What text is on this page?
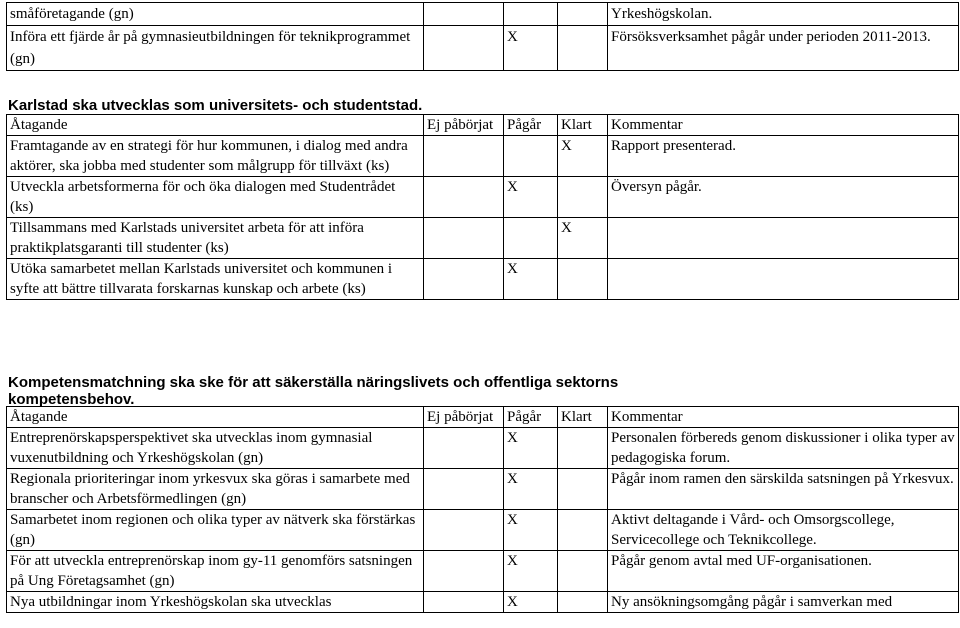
småföretagande (gn)				Yrkeshögskolan.
Införa ett fjärde år på gymnasieutbildningen för teknikprogrammet (gn)		X		Försöksverksamhet pågår under perioden 2011-2013.
Karlstad ska utvecklas som universitets- och studentstad.
Åtagande	Ej påbörjat	Pågår	Klart	Kommentar
Framtagande av en strategi för hur kommunen, i dialog med andra aktörer, ska jobba med studenter som målgrupp för tillväxt (ks)			X	Rapport presenterad.
Utveckla arbetsformerna för och öka dialogen med Studentrådet (ks)		X		Översyn pågår.
Tillsammans med Karlstads universitet arbeta för att införa praktikplatsgaranti till studenter (ks)			X	
Utöka samarbetet mellan Karlstads universitet och kommunen i syfte att bättre tillvarata forskarnas kunskap och arbete (ks)		X		
Kompetensmatchning ska ske för att säkerställa näringslivets och offentliga sektorns kompetensbehov.
Åtagande	Ej påbörjat	Pågår	Klart	Kommentar
Entreprenörskapsperspektivet ska utvecklas inom gymnasial vuxenutbildning och Yrkeshögskolan (gn)		X		Personalen förbereds genom diskussioner i olika typer av pedagogiska forum.
Regionala prioriteringar inom yrkesvux ska göras i samarbete med branscher och Arbetsförmedlingen (gn)		X		Pågår inom ramen den särskilda satsningen på Yrkesvux.
Samarbetet inom regionen och olika typer av nätverk ska förstärkas (gn)		X		Aktivt deltagande i Vård- och Omsorgscollege, Servicecollege och Teknikcollege.
För att utveckla entreprenörskap inom gy-11 genomförs satsningen på Ung Företagsamhet (gn)		X		Pågår genom avtal med UF-organisationen.
Nya utbildningar inom Yrkeshögskolan ska utvecklas		X		Ny ansökningsomgång pågår i samverkan med
